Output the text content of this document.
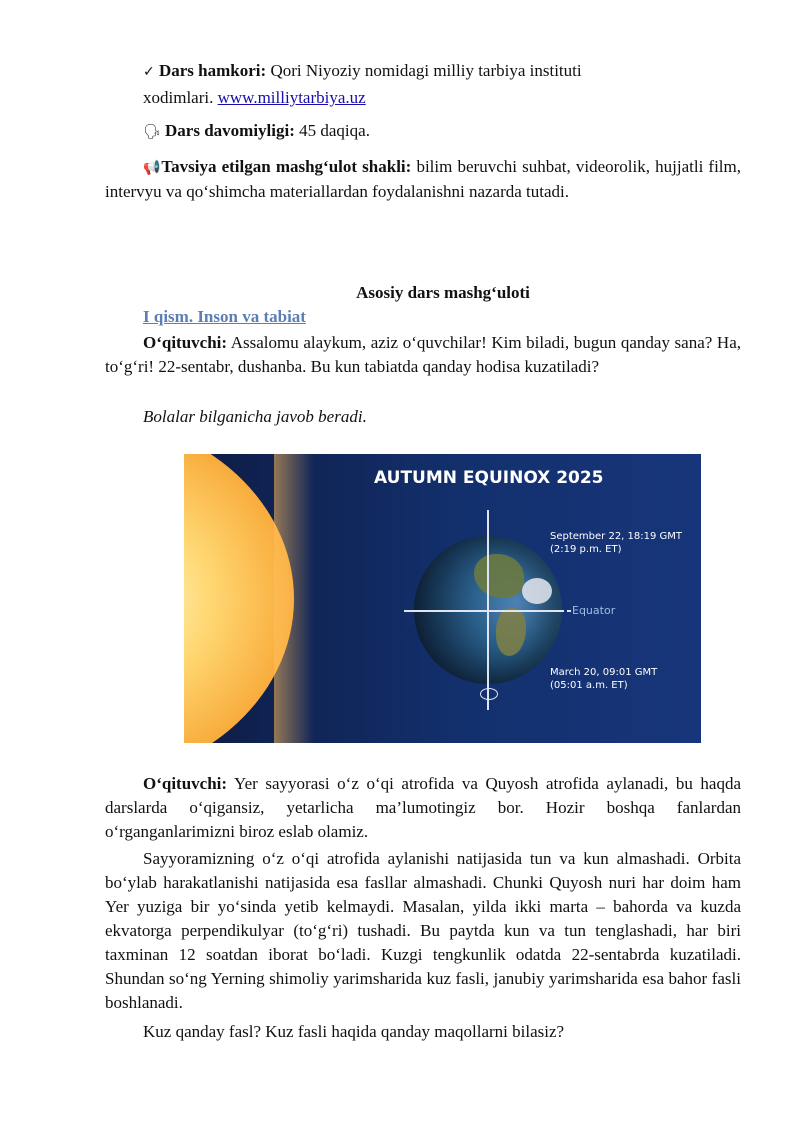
✓ Dars hamkori: Qori Niyoziy nomidagi milliy tarbiya instituti

xodimlari. www.milliytarbiya.uz

🗣 Dars davomiyligi: 45 daqiqa.

📢Tavsiya etilgan mashg‘ulot shakli: bilim beruvchi suhbat, videorolik, hujjatli film, intervyu va qo‘shimcha materiallardan foydalanishni nazarda tutadi.

Asosiy dars mashg‘uloti
I qism. Inson va tabiat

O‘qituvchi: Assalomu alaykum, aziz o‘quvchilar! Kim biladi, bugun qanday sana? Ha, to‘g‘ri! 22-sentabr, dushanba. Bu kun tabiatda qanday hodisa kuzatiladi?

Bolalar bilganicha javob beradi.

AUTUMN EQUINOX 2025
September 22, 18:19 GMT
(2:19 p.m. ET)
Equator
March 20, 09:01 GMT
(05:01 a.m. ET)

O‘qituvchi: Yer sayyorasi o‘z o‘qi atrofida va Quyosh atrofida aylanadi, bu haqda darslarda o‘qigansiz, yetarlicha ma’lumotingiz bor. Hozir boshqa fanlardan o‘rganganlarimizni biroz eslab olamiz.

Sayyoramizning o‘z o‘qi atrofida aylanishi natijasida tun va kun almashadi. Orbita bo‘ylab harakatlanishi natijasida esa fasllar almashadi. Chunki Quyosh nuri har doim ham Yer yuziga bir yo‘sinda yetib kelmaydi. Masalan, yilda ikki marta – bahorda va kuzda ekvatorga perpendikulyar (to‘g‘ri) tushadi. Bu paytda kun va tun tenglashadi, har biri taxminan 12 soatdan iborat bo‘ladi. Kuzgi tengkunlik odatda 22-sentabrda kuzatiladi. Shundan so‘ng Yerning shimoliy yarimsharida kuz fasli, janubiy yarimsharida esa bahor fasli boshlanadi.

Kuz qanday fasl? Kuz fasli haqida qanday maqollarni bilasiz?
